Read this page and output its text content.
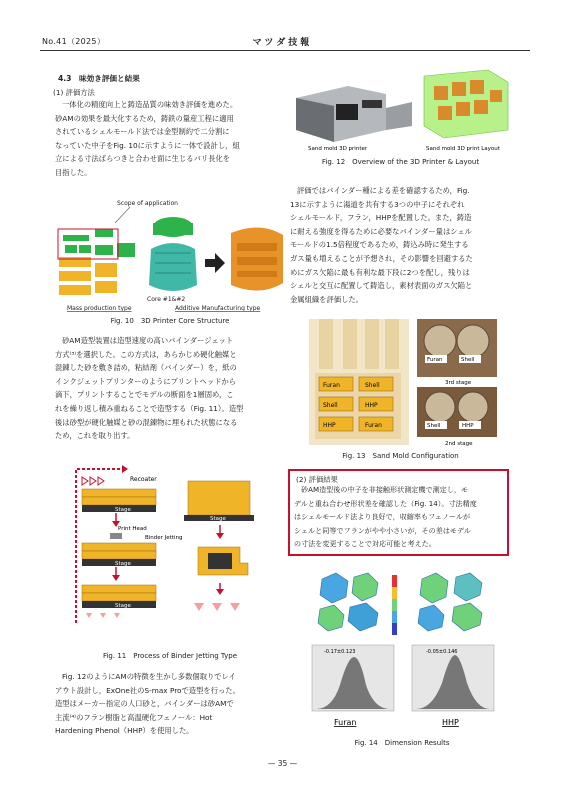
No.41（2025）	マツダ技報
4.3　味効き評価と結果
(1) 評価方法
一体化の精度向上と鋳造品質の味効き評価を進めた。
砂AMの効果を最大化するため，鋳鉄の量産工程に適用
されているシェルモールド法では金型制約で二分割に
なっていた中子をFig. 10に示すように一体で設計し，組
立による寸法ばらつきと合わせ面に生じるバリ長化を
目指した。
Scope of application
Core #1&#2
Mass production type	Additive Manufacturing type
Fig. 10　3D Printer Core Structure
砂AM造型装置は造型速度の高いバインダージェット
方式⁽³⁾を選択した。この方式は，あらかじめ硬化触媒と
混錬した砂を敷き詰め，粘結剤（バインダー）を，紙の
インクジェットプリンターのようにプリントヘッドから
滴下，プリントすることでモデルの断面を1層固め，こ
れを繰り返し積み重ねることで造型する（Fig. 11）。造型
後は砂型が硬化触媒と砂の混錬物に埋もれた状態になる
ため，これを取り出す。
Recoater
Stage
Print Head
Binder Jetting
Stage
Stage
Stage
Fig. 11　Process of Binder Jetting Type
Fig. 12のようにAMの特徴を生かし多数個取りでレイ
アウト設計し，ExOne社のS-max Proで造型を行った。
造型はメーカー指定の人口砂と，バインダーは砂AMで
主流⁽⁴⁾のフラン樹脂と高温硬化フェノール：Hot
Hardening Phenol（HHP）を使用した。
Sand mold 3D printer	Sand mold 3D print Layout
Fig. 12　Overview of the 3D Printer & Layout
評価ではバインダー種による差を確認するため，Fig.
13に示すように湯道を共有する3つの中子にそれぞれ
シェルモールド，フラン，HHPを配置した。また，鋳造
に耐える強度を得るために必要なバインダー量はシェル
モールドの1.5倍程度であるため，鋳込み時に発生する
ガス量も増えることが予想され，その影響を回避するた
めにガス欠陥に最も有利な最下段に2つを配し，残りは
シェルと交互に配置して鋳造し，素材表面のガス欠陥と
金属組織を評価した。
Furan	Shell
Shell	HHP
HHP	Furan
Furan	Shell
3rd stage
Shell	HHP
2nd stage
Fig. 13　Sand Mold Configuration
(2) 評価結果
砂AM造型後の中子を非接触形状測定機で測定し，モ
デルと重ね合わせ形状差を確認した（Fig. 14）。寸法精度
はシェルモールド法より良好で，収縮率もフェノールが
シェルと同等でフランがやや小さいが，その差はモデル
の寸法を変更することで対応可能と考えた。
-0.17±0.123	-0.05±0.146
Furan	HHP
Fig. 14　Dimension Results
— 35 —
